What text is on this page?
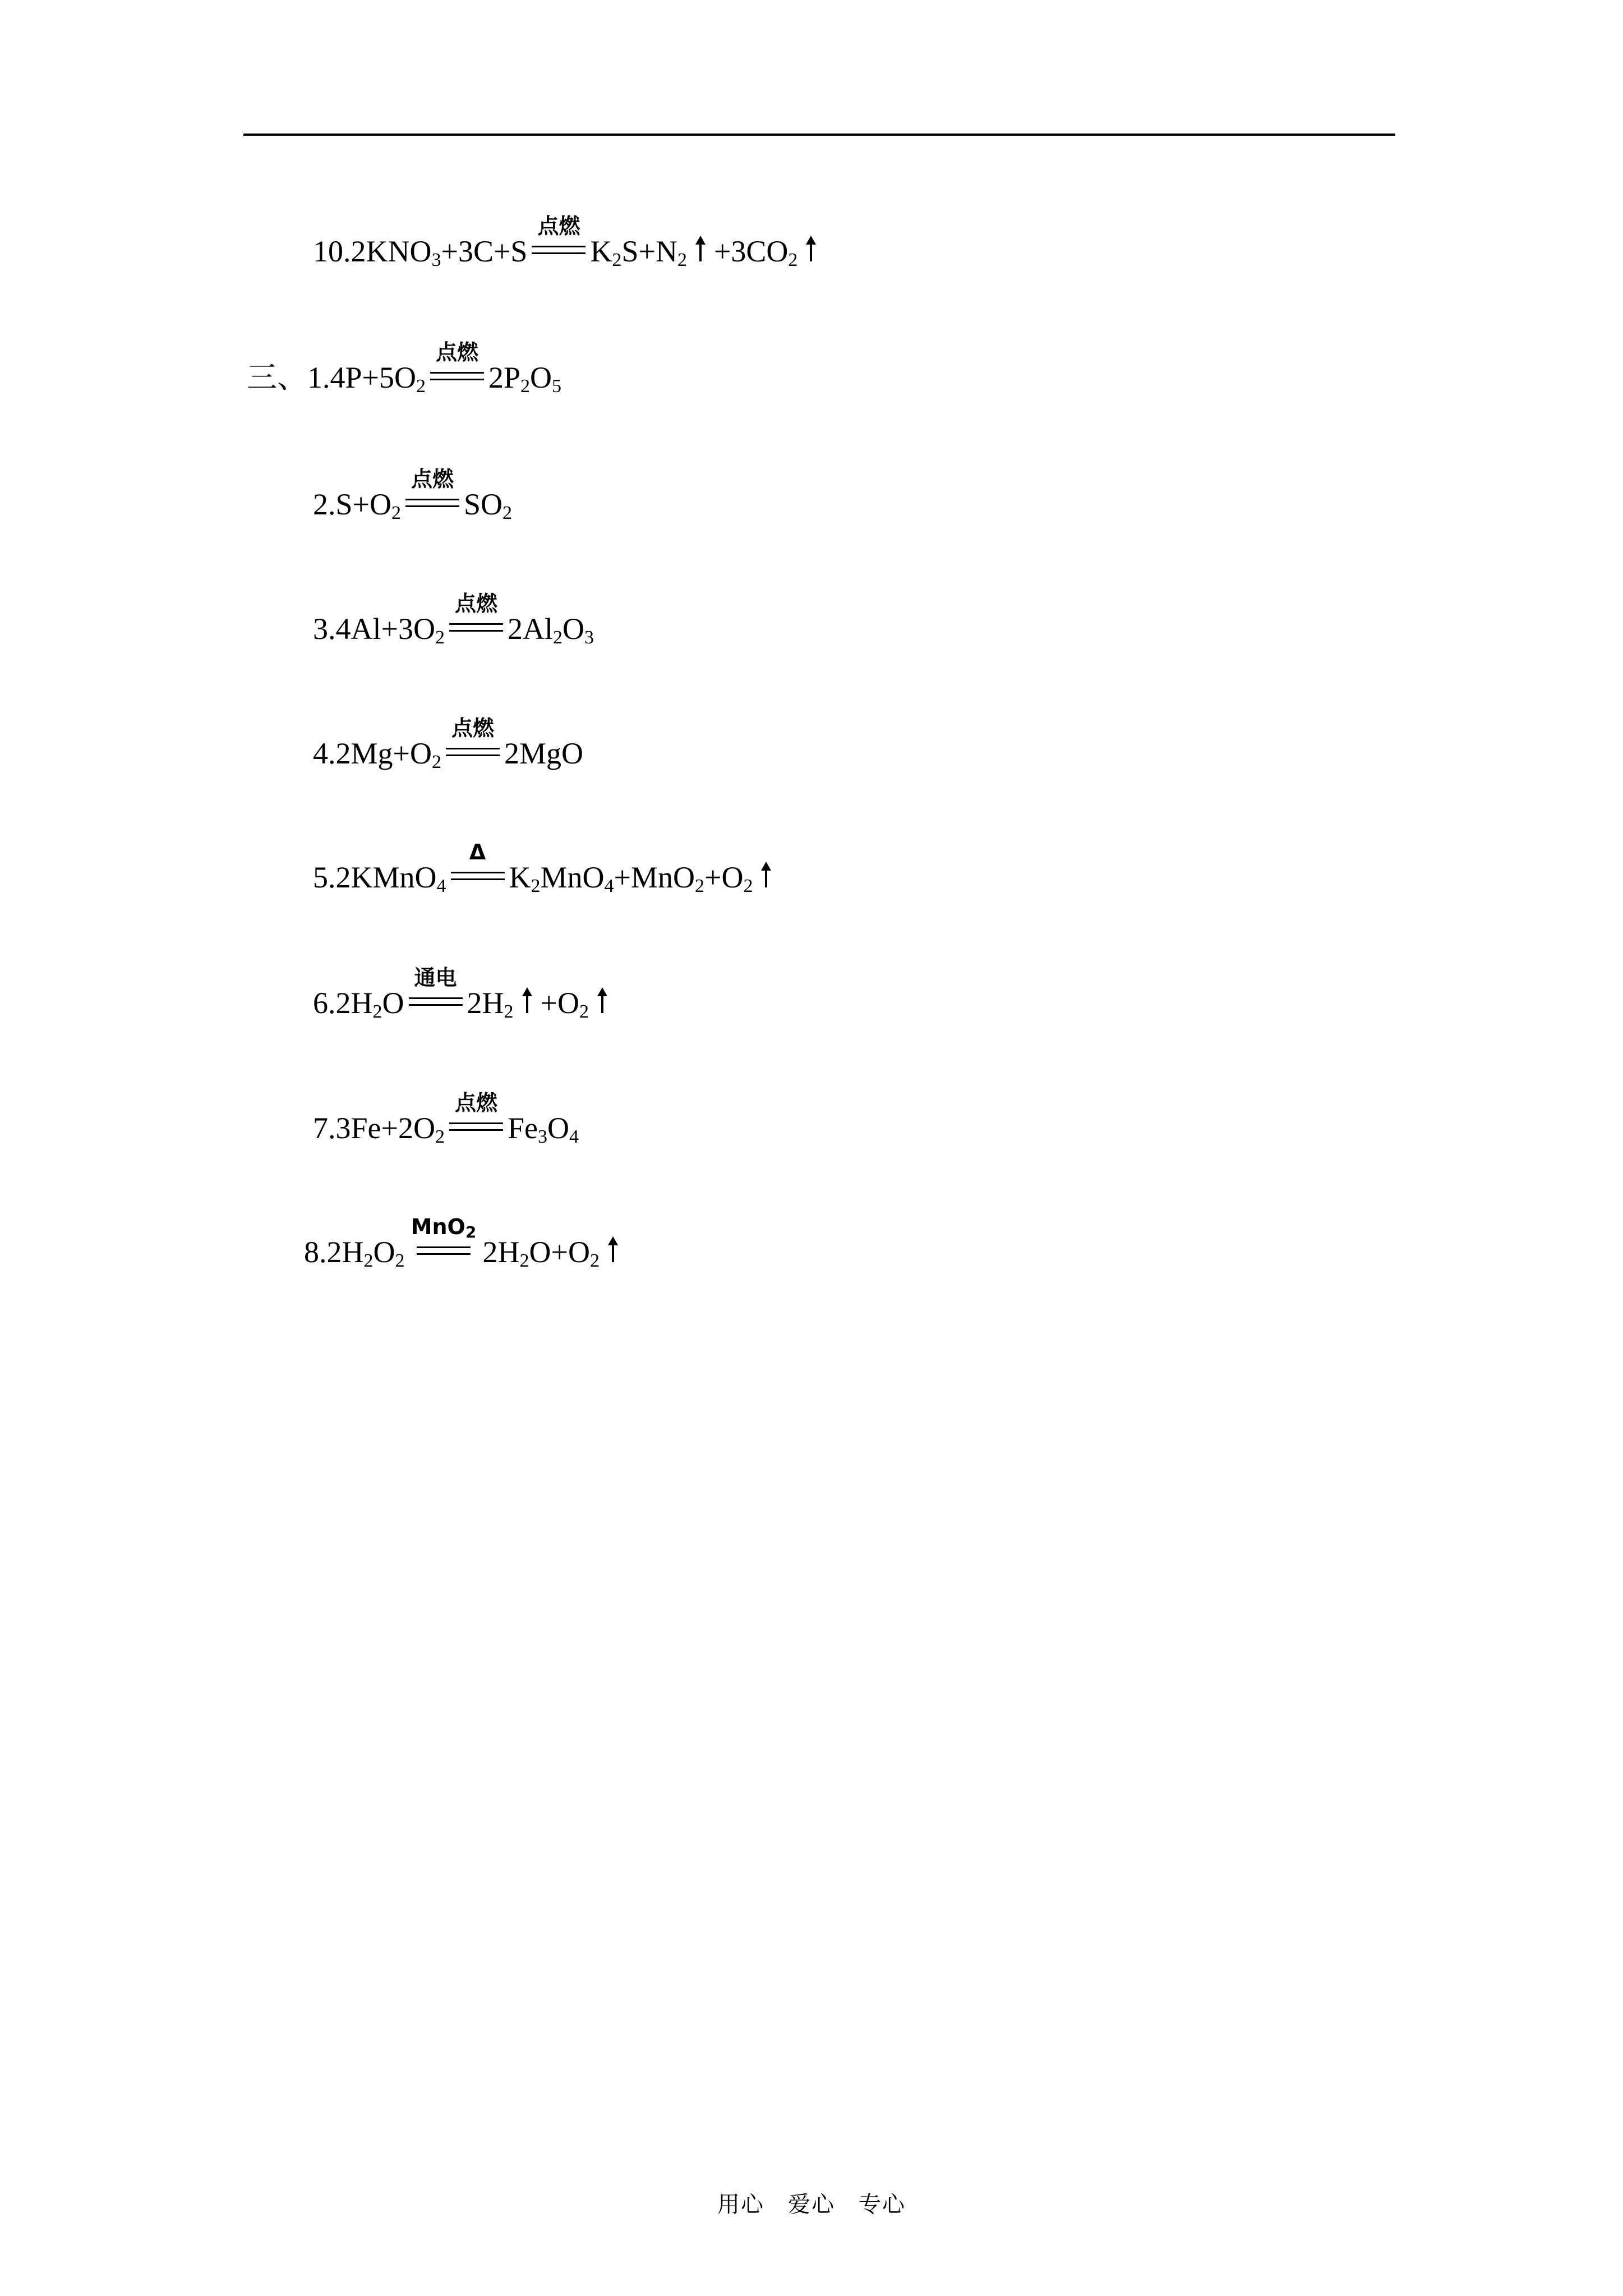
$10.2KNO_3+3C+S$
点燃
$K_2S+N_2 +3CO_2$
三、$1.4P+5O_2$
点燃
$2P_2O_5$
$2.S+O_2$
点燃
$SO_2$
$3.4Al+3O_2$
点燃
$2Al_2O_3$
$4.2Mg+O_2$
点燃
2MgO
5.2KMnO$_4$
Δ
$K_2MnO_4+MnO_2+O_2$
$6.2H_2O$
通电
$2H_2 +O_2$
$7.3Fe+2O_2$
点燃
$Fe_3O_4$
$8.2H_2O_2$
MnO$_2$
$2H_2O+O_2$
用心　爱心　专心
